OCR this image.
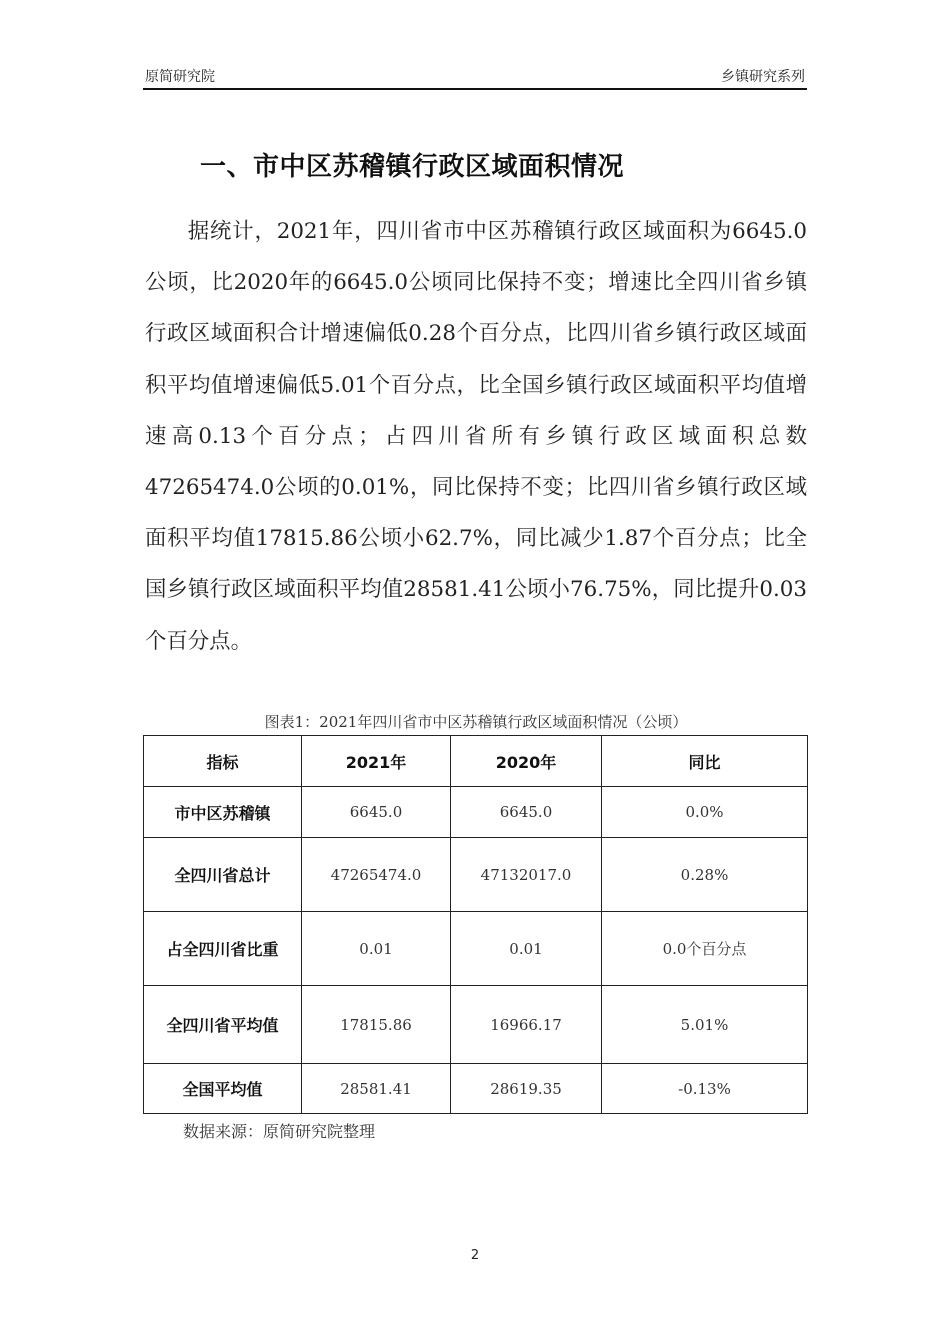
原简研究院	乡镇研究系列
一、市中区苏稽镇行政区域面积情况

据统计，2021年，四川省市中区苏稽镇行政区域面积为6645.0公顷，比2020年的6645.0公顷同比保持不变；增速比全四川省乡镇行政区域面积合计增速偏低0.28个百分点，比四川省乡镇行政区域面积平均值增速偏低5.01个百分点，比全国乡镇行政区域面积平均值增速高0.13个百分点；占四川省所有乡镇行政区域面积总数47265474.0公顷的0.01%，同比保持不变；比四川省乡镇行政区域面积平均值17815.86公顷小62.7%，同比减少1.87个百分点；比全国乡镇行政区域面积平均值28581.41公顷小76.75%，同比提升0.03个百分点。

图表1：2021年四川省市中区苏稽镇行政区域面积情况（公顷）
指标	2021年	2020年	同比
市中区苏稽镇	6645.0	6645.0	0.0%
全四川省总计	47265474.0	47132017.0	0.28%
占全四川省比重	0.01	0.01	0.0个百分点
全四川省平均值	17815.86	16966.17	5.01%
全国平均值	28581.41	28619.35	-0.13%
数据来源：原简研究院整理
2
